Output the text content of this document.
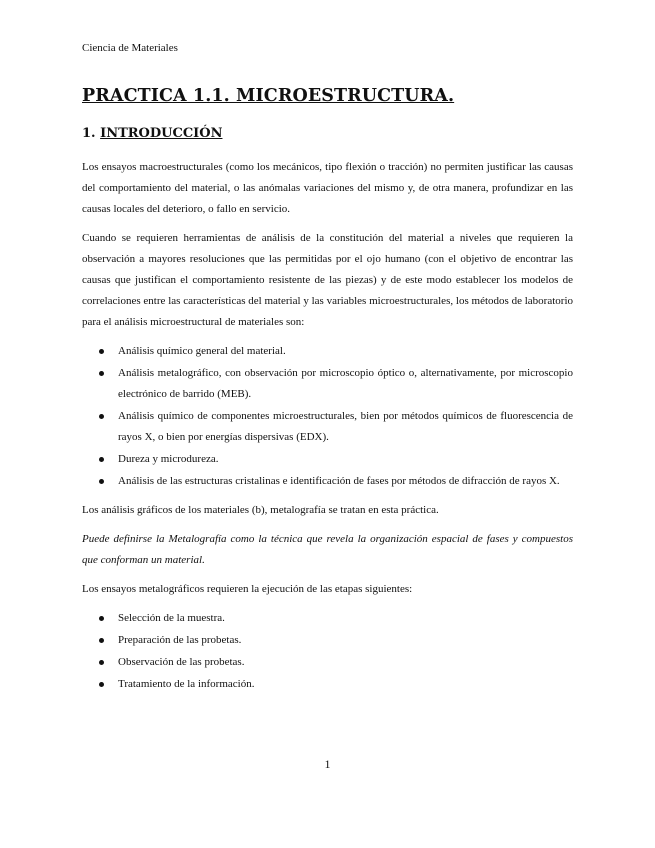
Ciencia de Materiales
PRACTICA 1.1. MICROESTRUCTURA.
1. INTRODUCCIÓN

Los ensayos macroestructurales (como los mecánicos, tipo flexión o tracción) no permiten justificar las causas del comportamiento del material, o las anómalas variaciones del mismo y, de otra manera, profundizar en las causas locales del deterioro, o fallo en servicio.

Cuando se requieren herramientas de análisis de la constitución del material a niveles que requieren la observación a mayores resoluciones que las permitidas por el ojo humano (con el objetivo de encontrar las causas que justifican el comportamiento resistente de las piezas) y de este modo establecer los modelos de correlaciones entre las características del material y las variables microestructurales, los métodos de laboratorio para el análisis microestructural de materiales son:

Análisis químico general del material.
Análisis metalográfico, con observación por microscopio óptico o, alternativamente, por microscopio electrónico de barrido (MEB).
Análisis químico de componentes microestructurales, bien por métodos químicos de fluorescencia de rayos X, o bien por energías dispersivas (EDX).
Dureza y microdureza.
Análisis de las estructuras cristalinas e identificación de fases por métodos de difracción de rayos X.

Los análisis gráficos de los materiales (b), metalografía se tratan en esta práctica.

Puede definirse la Metalografía como la técnica que revela la organización espacial de fases y compuestos que conforman un material.

Los ensayos metalográficos requieren la ejecución de las etapas siguientes:

Selección de la muestra.
Preparación de las probetas.
Observación de las probetas.
Tratamiento de la información.
1
